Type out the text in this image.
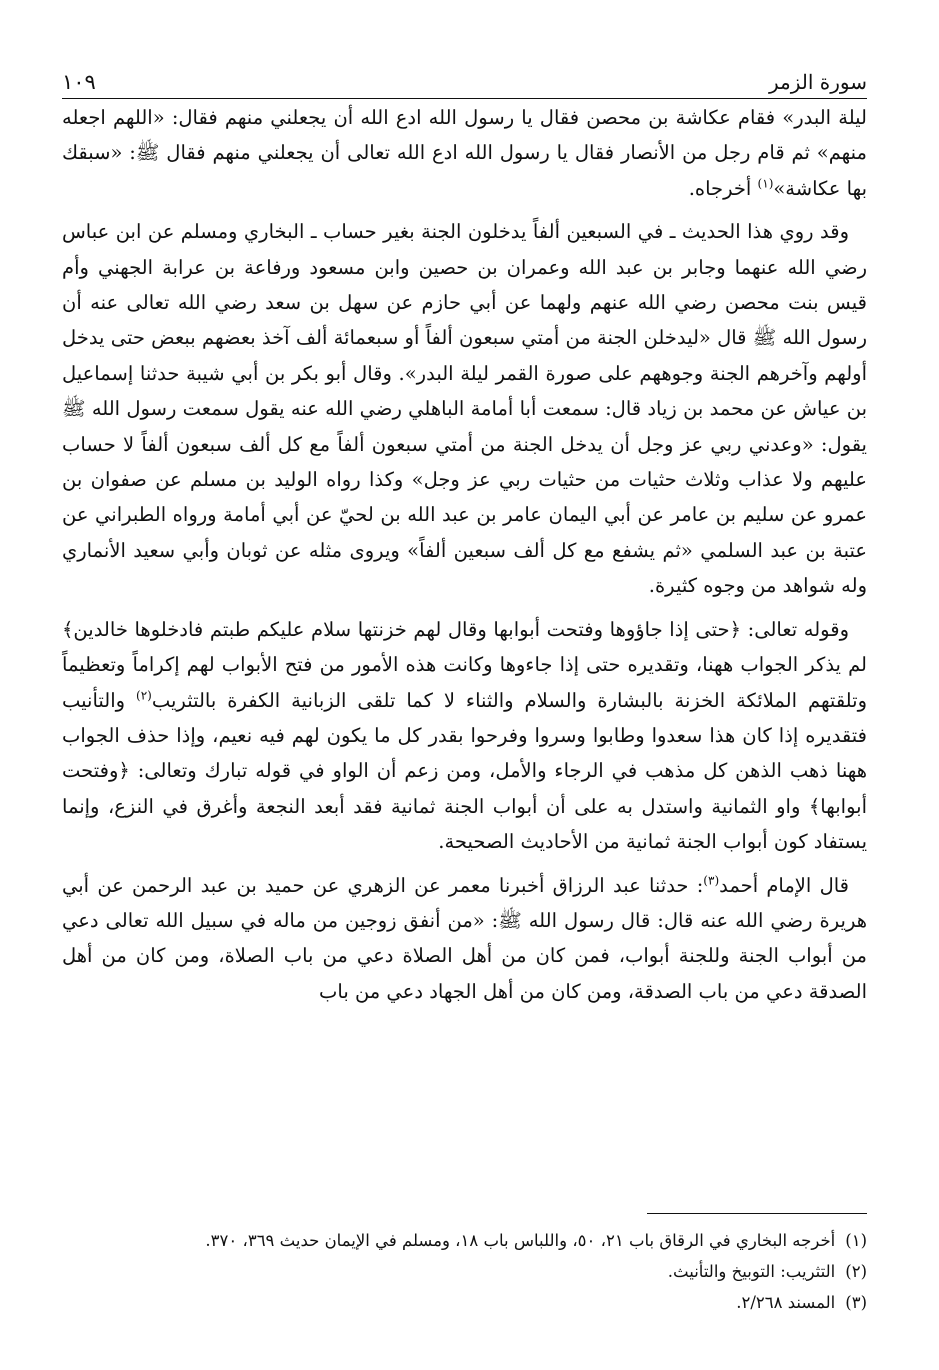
١٠٩	سورة الزمر

ليلة البدر» فقام عكاشة بن محصن فقال يا رسول الله ادع الله أن يجعلني منهم فقال: «اللهم اجعله منهم» ثم قام رجل من الأنصار فقال يا رسول الله ادع الله تعالى أن يجعلني منهم فقال ﷺ: «سبقك بها عكاشة»$^{(١)}$ أخرجاه.

وقد روي هذا الحديث ـ في السبعين ألفاً يدخلون الجنة بغير حساب ـ البخاري ومسلم عن ابن عباس رضي الله عنهما وجابر بن عبد الله وعمران بن حصين وابن مسعود ورفاعة بن عرابة الجهني وأم قيس بنت محصن رضي الله عنهم ولهما عن أبي حازم عن سهل بن سعد رضي الله تعالى عنه أن رسول الله ﷺ قال «ليدخلن الجنة من أمتي سبعون ألفاً أو سبعمائة ألف آخذ بعضهم ببعض حتى يدخل أولهم وآخرهم الجنة وجوههم على صورة القمر ليلة البدر». وقال أبو بكر بن أبي شيبة حدثنا إسماعيل بن عياش عن محمد بن زياد قال: سمعت أبا أمامة الباهلي رضي الله عنه يقول سمعت رسول الله ﷺ يقول: «وعدني ربي عز وجل أن يدخل الجنة من أمتي سبعون ألفاً مع كل ألف سبعون ألفاً لا حساب عليهم ولا عذاب وثلاث حثيات من حثيات ربي عز وجل» وكذا رواه الوليد بن مسلم عن صفوان بن عمرو عن سليم بن عامر عن أبي اليمان عامر بن عبد الله بن لحيّ عن أبي أمامة ورواه الطبراني عن عتبة بن عبد السلمي «ثم يشفع مع كل ألف سبعين ألفاً» ويروى مثله عن ثوبان وأبي سعيد الأنماري وله شواهد من وجوه كثيرة.

وقوله تعالى: ﴿حتى إذا جاؤوها وفتحت أبوابها وقال لهم خزنتها سلام عليكم طبتم فادخلوها خالدين﴾ لم يذكر الجواب ههنا، وتقديره حتى إذا جاءوها وكانت هذه الأمور من فتح الأبواب لهم إكراماً وتعظيماً وتلقتهم الملائكة الخزنة بالبشارة والسلام والثناء لا كما تلقى الزبانية الكفرة بالتثريب$^{(٢)}$ والتأنيب فتقديره إذا كان هذا سعدوا وطابوا وسروا وفرحوا بقدر كل ما يكون لهم فيه نعيم، وإذا حذف الجواب ههنا ذهب الذهن كل مذهب في الرجاء والأمل، ومن زعم أن الواو في قوله تبارك وتعالى: ﴿وفتحت أبوابها﴾ واو الثمانية واستدل به على أن أبواب الجنة ثمانية فقد أبعد النجعة وأغرق في النزع، وإنما يستفاد كون أبواب الجنة ثمانية من الأحاديث الصحيحة.

قال الإمام أحمد$^{(٣)}$: حدثنا عبد الرزاق أخبرنا معمر عن الزهري عن حميد بن عبد الرحمن عن أبي هريرة رضي الله عنه قال: قال رسول الله ﷺ: «من أنفق زوجين من ماله في سبيل الله تعالى دعي من أبواب الجنة وللجنة أبواب، فمن كان من أهل الصلاة دعي من باب الصلاة، ومن كان من أهل الصدقة دعي من باب الصدقة، ومن كان من أهل الجهاد دعي من باب

(١)
أخرجه البخاري في الرقاق باب ٢١، ٥٠، واللباس باب ١٨، ومسلم في الإيمان حديث ٣٦٩، ٣٧٠.
(٢)
التثريب: التوبيخ والتأنيث.
(٣)
المسند ٢/٢٦٨.
